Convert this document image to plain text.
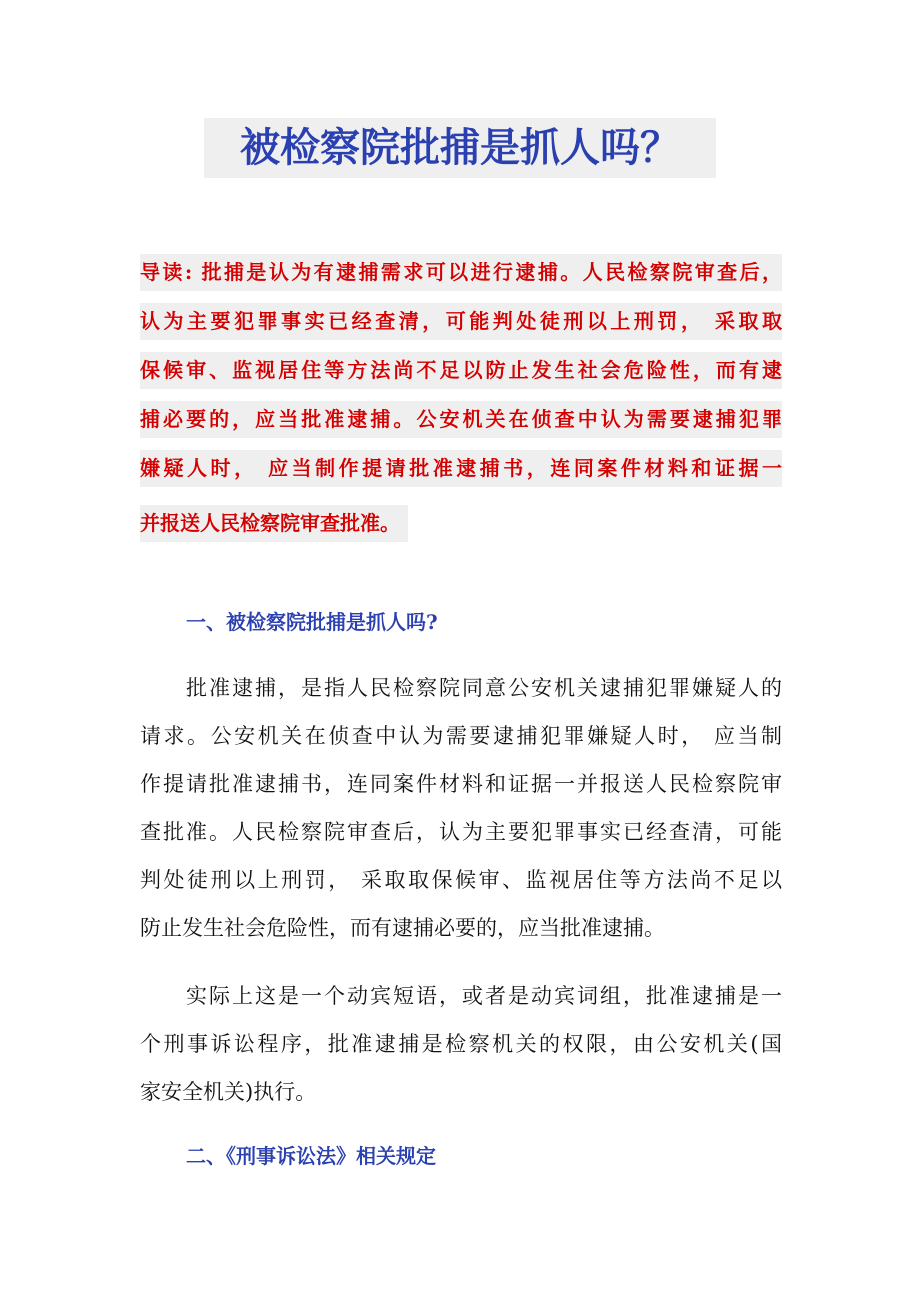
被检察院批捕是抓人吗？
导读: 批捕是认为有逮捕需求可以进行逮捕。人民检察院审查后，
认为主要犯罪事实已经查清，可能判处徒刑以上刑罚， 采取取
保候审、监视居住等方法尚不足以防止发生社会危险性，而有逮
捕必要的，应当批准逮捕。公安机关在侦查中认为需要逮捕犯罪
嫌疑人时， 应当制作提请批准逮捕书，连同案件材料和证据一
并报送人民检察院审查批准。
一、被检察院批捕是抓人吗?
　　批准逮捕，是指人民检察院同意公安机关逮捕犯罪嫌疑人的
请求。公安机关在侦查中认为需要逮捕犯罪嫌疑人时， 应当制
作提请批准逮捕书，连同案件材料和证据一并报送人民检察院审
查批准。人民检察院审查后，认为主要犯罪事实已经查清，可能
判处徒刑以上刑罚， 采取取保候审、监视居住等方法尚不足以
防止发生社会危险性，而有逮捕必要的，应当批准逮捕。
　　实际上这是一个动宾短语，或者是动宾词组，批准逮捕是一
个刑事诉讼程序，批准逮捕是检察机关的权限，由公安机关(国
家安全机关)执行。
二、《刑事诉讼法》相关规定
